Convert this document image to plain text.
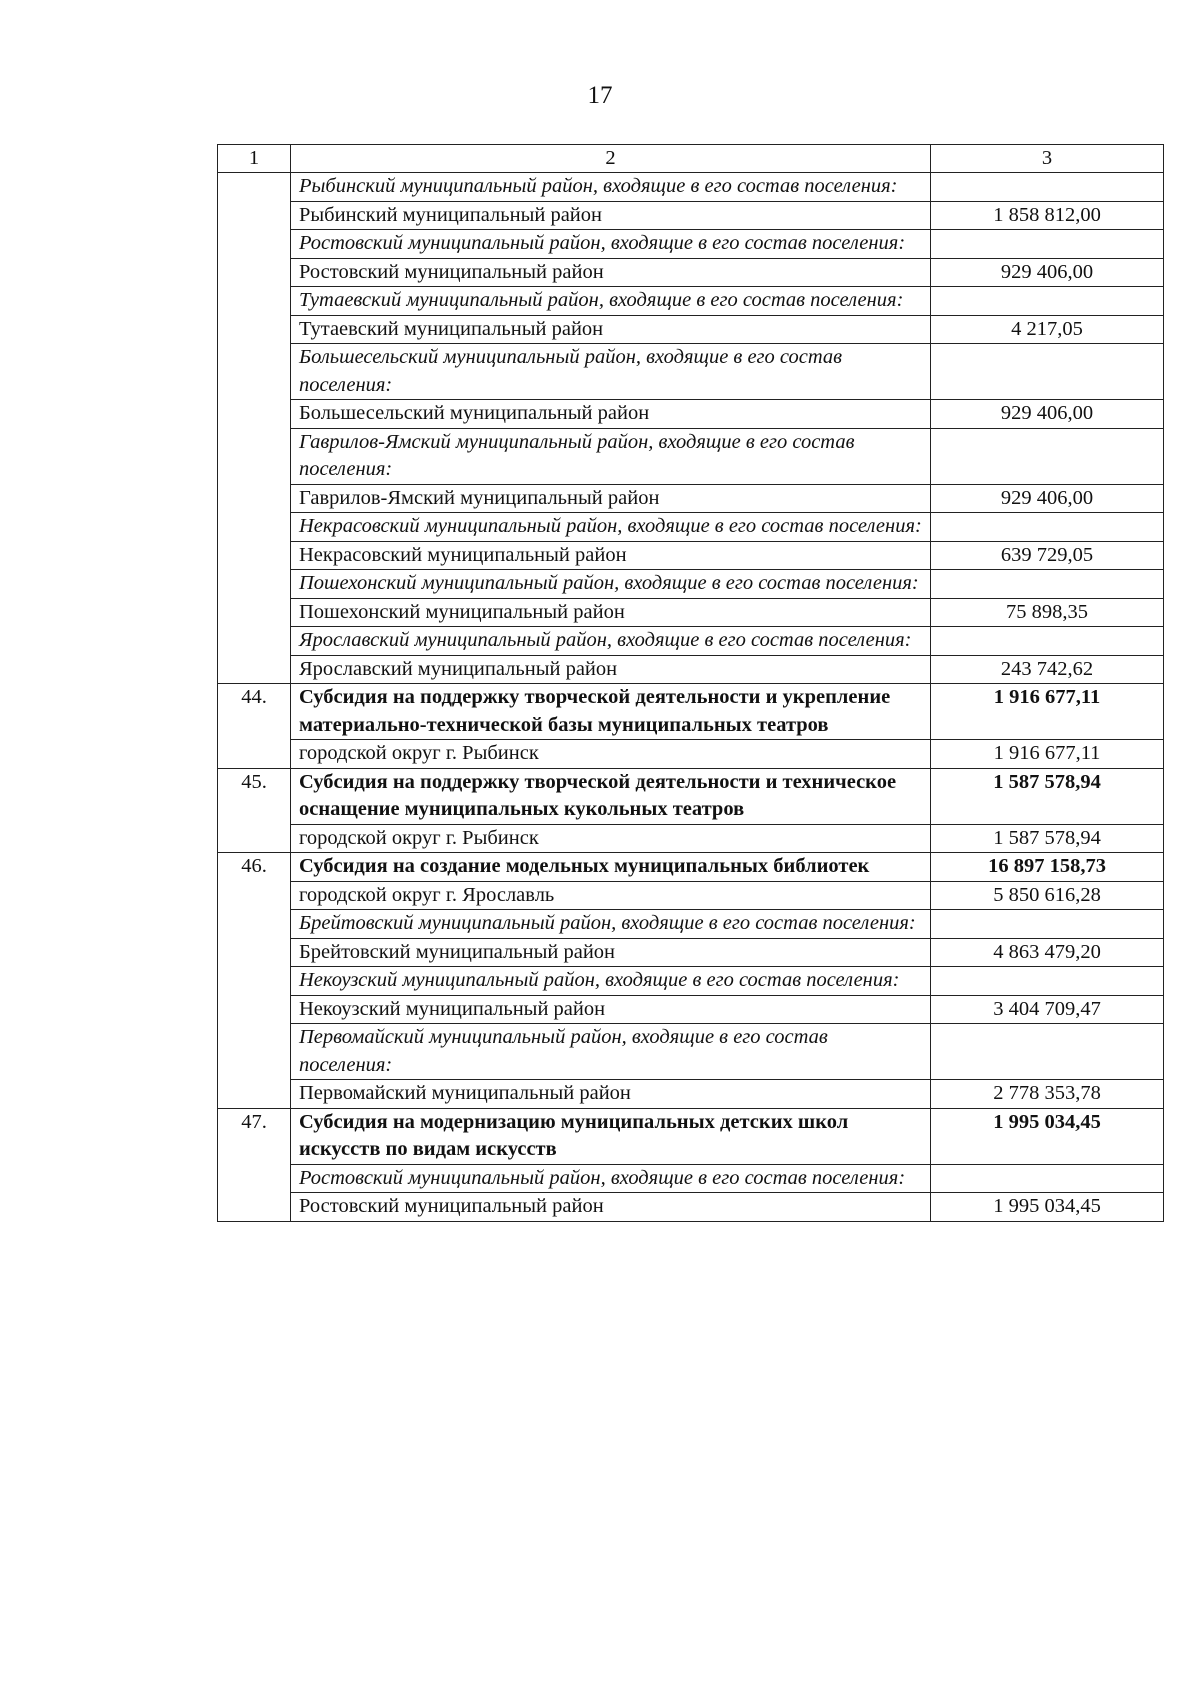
17
1	2	3
	Рыбинский муниципальный район, входящие в его состав поселения:	
	Рыбинский муниципальный район	1 858 812,00
	Ростовский муниципальный район, входящие в его состав поселения:	
	Ростовский муниципальный район	929 406,00
	Тутаевский муниципальный район, входящие в его состав поселения:	
	Тутаевский муниципальный район	4 217,05
	Большесельский муниципальный район, входящие в его состав поселения:	
	Большесельский муниципальный район	929 406,00
	Гаврилов-Ямский муниципальный район, входящие в его состав поселения:	
	Гаврилов-Ямский муниципальный район	929 406,00
	Некрасовский муниципальный район, входящие в его состав поселения:	
	Некрасовский муниципальный район	639 729,05
	Пошехонский муниципальный район, входящие в его состав поселения:	
	Пошехонский муниципальный район	75 898,35
	Ярославский муниципальный район, входящие в его состав поселения:	
	Ярославский муниципальный район	243 742,62
44.	Субсидия на поддержку творческой деятельности и укрепление материально-технической базы муниципальных театров	1 916 677,11
	городской округ г. Рыбинск	1 916 677,11
45.	Субсидия на поддержку творческой деятельности и техническое оснащение муниципальных кукольных театров	1 587 578,94
	городской округ г. Рыбинск	1 587 578,94
46.	Субсидия на создание модельных муниципальных библиотек	16 897 158,73
	городской округ г. Ярославль	5 850 616,28
	Брейтовский муниципальный район, входящие в его состав поселения:	
	Брейтовский муниципальный район	4 863 479,20
	Некоузский муниципальный район, входящие в его состав поселения:	
	Некоузский муниципальный район	3 404 709,47
	Первомайский муниципальный район, входящие в его состав поселения:	
	Первомайский муниципальный район	2 778 353,78
47.	Субсидия на модернизацию муниципальных детских школ искусств по видам искусств	1 995 034,45
	Ростовский муниципальный район, входящие в его состав поселения:	
	Ростовский муниципальный район	1 995 034,45
